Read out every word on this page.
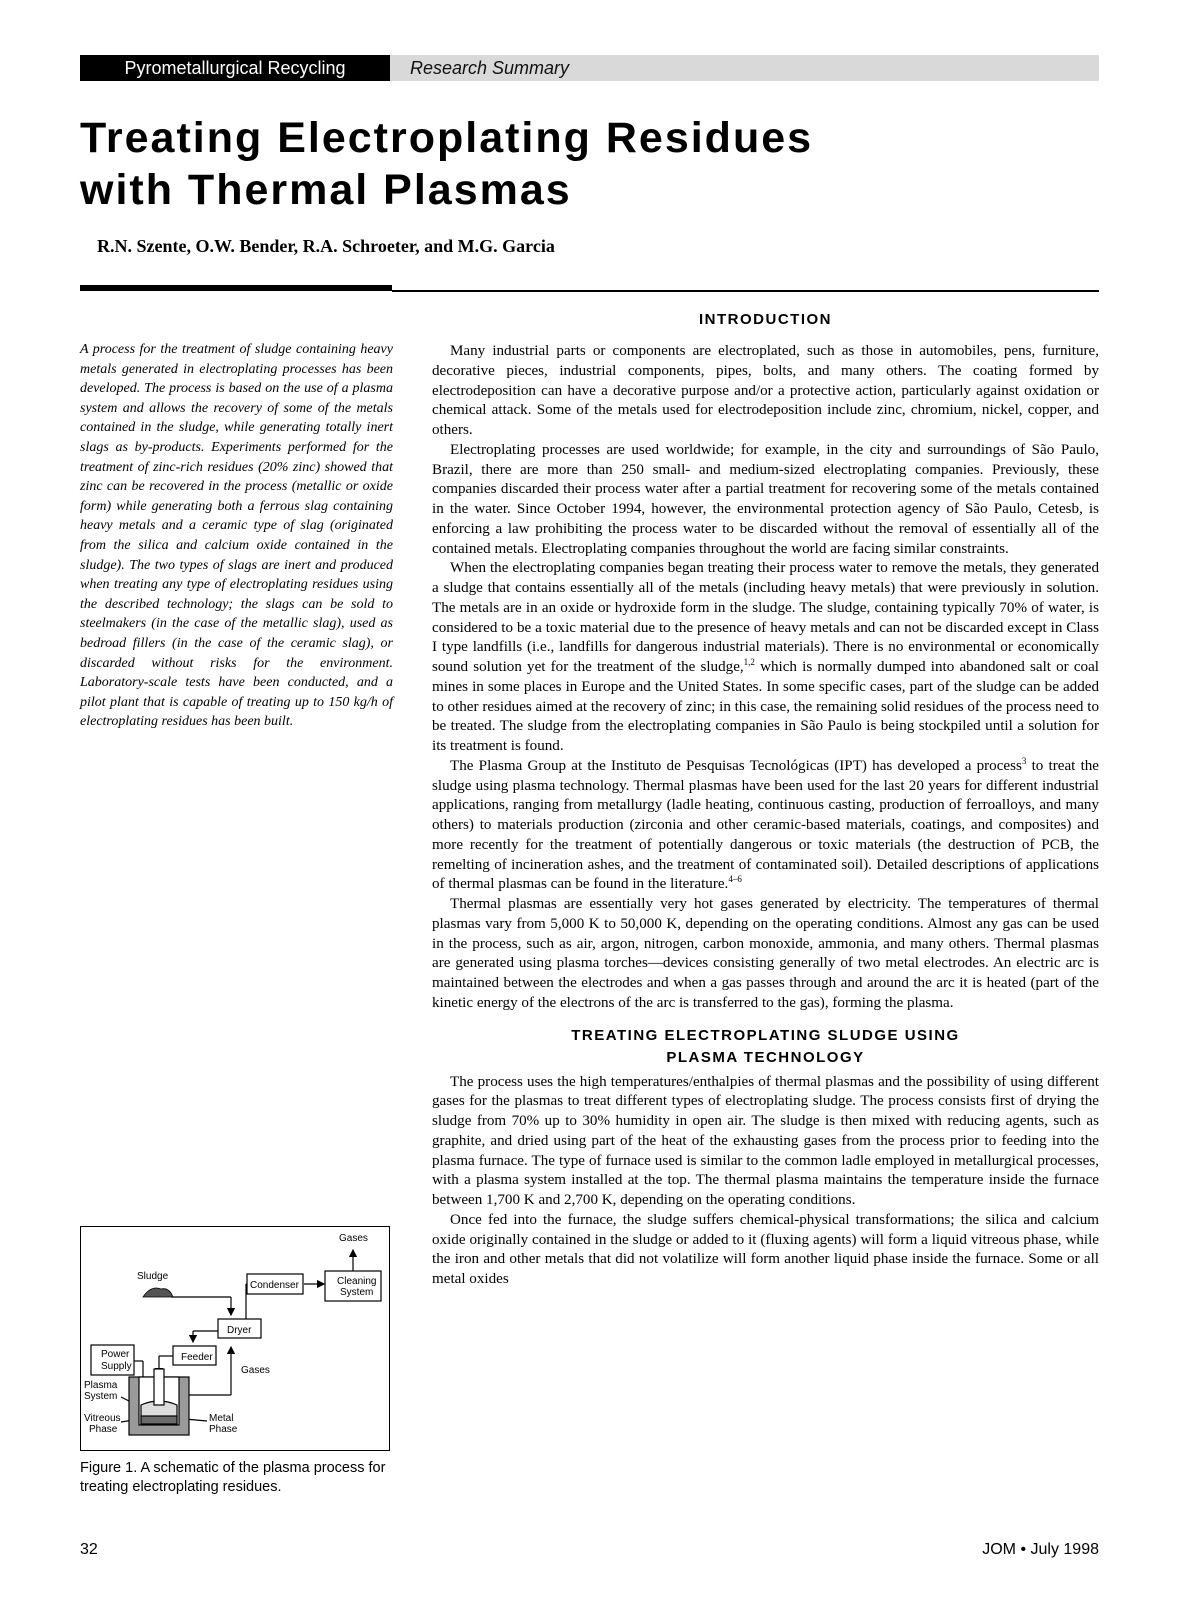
Pyrometallurgical Recycling	Research Summary
Treating Electroplating Residues
with Thermal Plasmas
R.N. Szente, O.W. Bender, R.A. Schroeter, and M.G. Garcia

A process for the treatment of sludge containing heavy metals generated in electroplating processes has been developed. The process is based on the use of a plasma system and allows the recovery of some of the metals contained in the sludge, while generating totally inert slags as by-products. Experiments performed for the treatment of zinc-rich residues (20% zinc) showed that zinc can be recovered in the process (metallic or oxide form) while generating both a ferrous slag containing heavy metals and a ceramic type of slag (originated from the silica and calcium oxide contained in the sludge). The two types of slags are inert and produced when treating any type of electroplating residues using the described technology; the slags can be sold to steelmakers (in the case of the metallic slag), used as bedroad fillers (in the case of the ceramic slag), or discarded without risks for the environment. Laboratory-scale tests have been conducted, and a pilot plant that is capable of treating up to 150 kg/h of electroplating residues has been built.

INTRODUCTION

Many industrial parts or components are electroplated, such as those in automobiles, pens, furniture, decorative pieces, industrial components, pipes, bolts, and many others. The coating formed by electrodeposition can have a decorative purpose and/or a protective action, particularly against oxidation or chemical attack. Some of the metals used for electrodeposition include zinc, chromium, nickel, copper, and others.

Electroplating processes are used worldwide; for example, in the city and surroundings of São Paulo, Brazil, there are more than 250 small- and medium-sized electroplating companies. Previously, these companies discarded their process water after a partial treatment for recovering some of the metals contained in the water. Since October 1994, however, the environmental protection agency of São Paulo, Cetesb, is enforcing a law prohibiting the process water to be discarded without the removal of essentially all of the contained metals. Electroplating companies throughout the world are facing similar constraints.

When the electroplating companies began treating their process water to remove the metals, they generated a sludge that contains essentially all of the metals (including heavy metals) that were previously in solution. The metals are in an oxide or hydroxide form in the sludge. The sludge, containing typically 70% of water, is considered to be a toxic material due to the presence of heavy metals and can not be discarded except in Class I type landfills (i.e., landfills for dangerous industrial materials). There is no environmental or economically sound solution yet for the treatment of the sludge,$^{1,2}$ which is normally dumped into abandoned salt or coal mines in some places in Europe and the United States. In some specific cases, part of the sludge can be added to other residues aimed at the recovery of zinc; in this case, the remaining solid residues of the process need to be treated. The sludge from the electroplating companies in São Paulo is being stockpiled until a solution for its treatment is found.

The Plasma Group at the Instituto de Pesquisas Tecnológicas (IPT) has developed a process$^3$ to treat the sludge using plasma technology. Thermal plasmas have been used for the last 20 years for different industrial applications, ranging from metallurgy (ladle heating, continuous casting, production of ferroalloys, and many others) to materials production (zirconia and other ceramic-based materials, coatings, and composites) and more recently for the treatment of potentially dangerous or toxic materials (the destruction of PCB, the remelting of incineration ashes, and the treatment of contaminated soil). Detailed descriptions of applications of thermal plasmas can be found in the literature.$^{4-6}$

Thermal plasmas are essentially very hot gases generated by electricity. The temperatures of thermal plasmas vary from 5,000 K to 50,000 K, depending on the operating conditions. Almost any gas can be used in the process, such as air, argon, nitrogen, carbon monoxide, ammonia, and many others. Thermal plasmas are generated using plasma torches—devices consisting generally of two metal electrodes. An electric arc is maintained between the electrodes and when a gas passes through and around the arc it is heated (part of the kinetic energy of the electrons of the arc is transferred to the gas), forming the plasma.

TREATING ELECTROPLATING SLUDGE USING
PLASMA TECHNOLOGY

The process uses the high temperatures/enthalpies of thermal plasmas and the possibility of using different gases for the plasmas to treat different types of electroplating sludge. The process consists first of drying the sludge from 70% up to 30% humidity in open air. The sludge is then mixed with reducing agents, such as graphite, and dried using part of the heat of the exhausting gases from the process prior to feeding into the plasma furnace. The type of furnace used is similar to the common ladle employed in metallurgical processes, with a plasma system installed at the top. The thermal plasma maintains the temperature inside the furnace between 1,700 K and 2,700 K, depending on the operating conditions.

Once fed into the furnace, the sludge suffers chemical-physical transformations; the silica and calcium oxide originally contained in the sludge or added to it (fluxing agents) will form a liquid vitreous phase, while the iron and other metals that did not volatilize will form another liquid phase inside the furnace. Some or all metal oxides

Gases
Sludge
Condenser	Cleaning
System
Dryer
Feeder
Power
Supply	Gases
Plasma
System
Vitreous
Phase
Metal
Phase

Figure 1. A schematic of the plasma process for treating electroplating residues.

32	JOM • July 1998
